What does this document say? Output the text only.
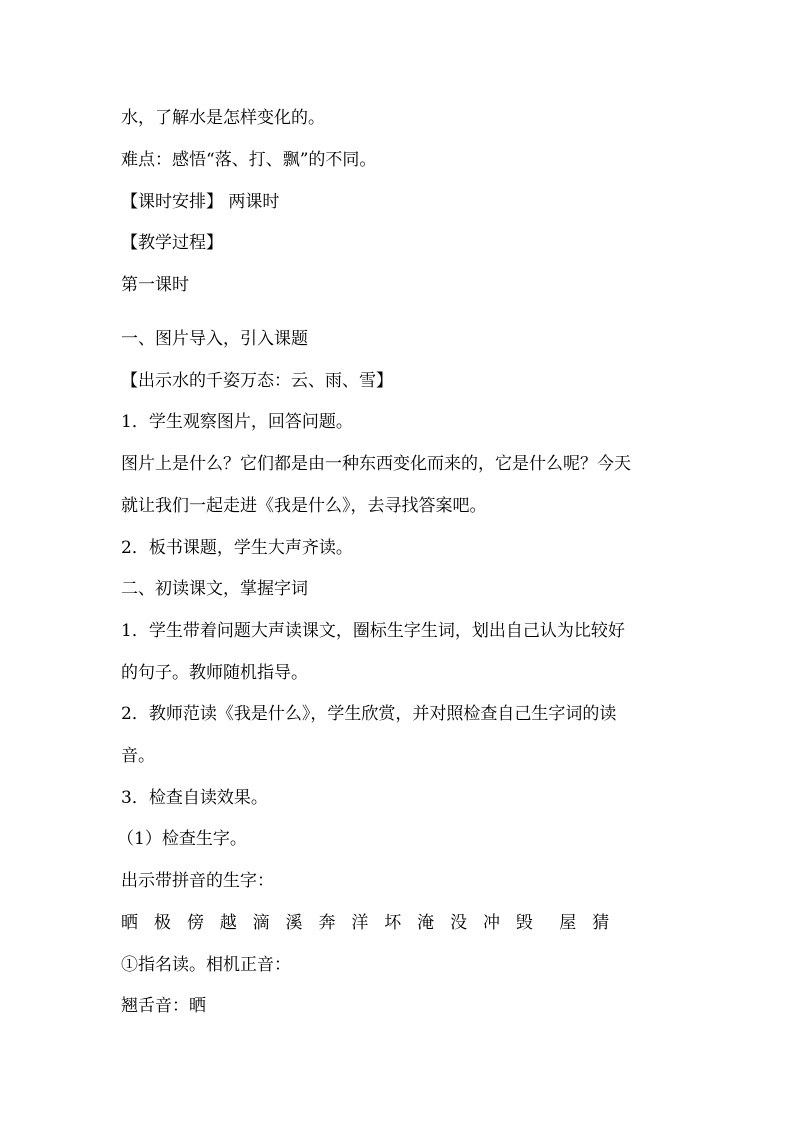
水，了解水是怎样变化的。
难点：感悟“落、打、飘”的不同。
【课时安排】 两课时
【教学过程】
第一课时
一、图片导入，引入课题
【出示水的千姿万态：云、雨、雪】
1．学生观察图片，回答问题。
图片上是什么？它们都是由一种东西变化而来的，它是什么呢？今天
就让我们一起走进《我是什么》，去寻找答案吧。
2．板书课题，学生大声齐读。
二、初读课文，掌握字词
1．学生带着问题大声读课文，圈标生字生词，划出自己认为比较好
的句子。教师随机指导。
2．教师范读《我是什么》，学生欣赏，并对照检查自己生字词的读
音。
3．检查自读效果。
（1）检查生字。
出示带拼音的生字：
晒 极 傍 越 滴 溪 奔 洋 坏 淹 没 冲 毁 屋 猜
①指名读。相机正音：
翘舌音：晒
